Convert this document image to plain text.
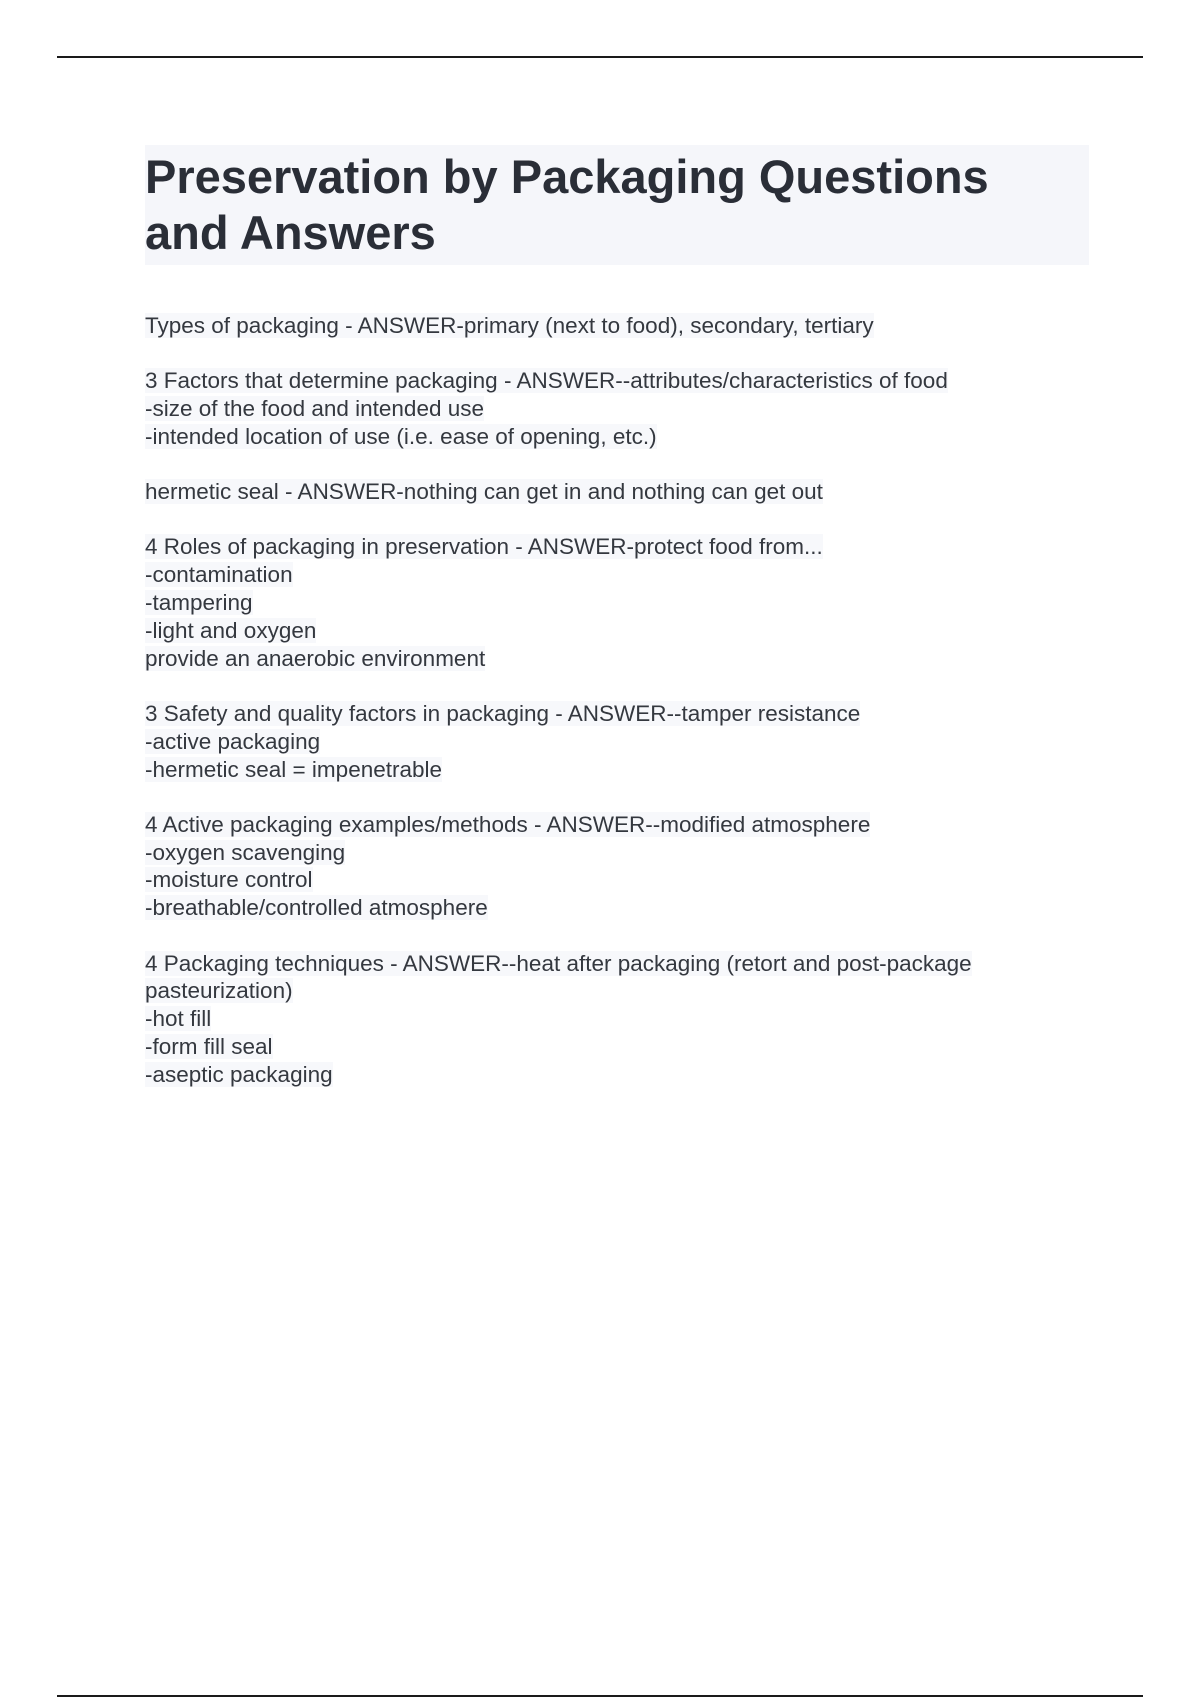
Preservation by Packaging Questions
and Answers
Types of packaging - ANSWER-primary (next to food), secondary, tertiary
3 Factors that determine packaging - ANSWER--attributes/characteristics of food
-size of the food and intended use
-intended location of use (i.e. ease of opening, etc.)
hermetic seal - ANSWER-nothing can get in and nothing can get out
4 Roles of packaging in preservation - ANSWER-protect food from...
-contamination
-tampering
-light and oxygen
provide an anaerobic environment
3 Safety and quality factors in packaging - ANSWER--tamper resistance
-active packaging
-hermetic seal = impenetrable
4 Active packaging examples/methods - ANSWER--modified atmosphere
-oxygen scavenging
-moisture control
-breathable/controlled atmosphere
4 Packaging techniques - ANSWER--heat after packaging (retort and post-package
pasteurization)
-hot fill
-form fill seal
-aseptic packaging
